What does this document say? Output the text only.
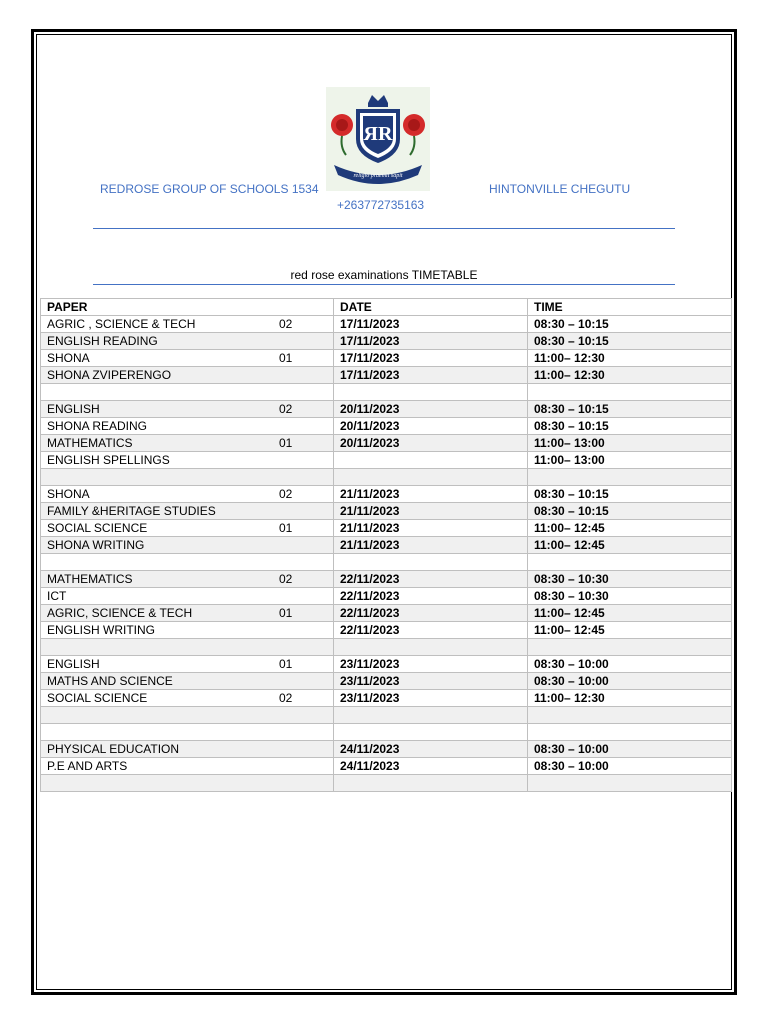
ЯR
religio praemit sapit
REDROSE GROUP OF SCHOOLS 1534	HINTONVILLE CHEGUTU
+263772735163
red rose examinations TIMETABLE
PAPER	DATE	TIME
AGRIC , SCIENCE & TECH 02	17/11/2023	08:30 – 10:15
ENGLISH READING	17/11/2023	08:30 – 10:15
SHONA 01	17/11/2023	11:00– 12:30
SHONA ZVIPERENGO	17/11/2023	11:00– 12:30

ENGLISH 02	20/11/2023	08:30 – 10:15
SHONA READING	20/11/2023	08:30 – 10:15
MATHEMATICS 01	20/11/2023	11:00– 13:00
ENGLISH SPELLINGS		11:00– 13:00

SHONA 02	21/11/2023	08:30 – 10:15
FAMILY &HERITAGE STUDIES	21/11/2023	08:30 – 10:15
SOCIAL SCIENCE 01	21/11/2023	11:00– 12:45
SHONA WRITING	21/11/2023	11:00– 12:45

MATHEMATICS 02	22/11/2023	08:30 – 10:30
ICT	22/11/2023	08:30 – 10:30
AGRIC, SCIENCE & TECH 01	22/11/2023	11:00– 12:45
ENGLISH WRITING	22/11/2023	11:00– 12:45

ENGLISH 01	23/11/2023	08:30 – 10:00
MATHS AND SCIENCE	23/11/2023	08:30 – 10:00
SOCIAL SCIENCE 02	23/11/2023	11:00– 12:30

PHYSICAL EDUCATION	24/11/2023	08:30 – 10:00
P.E AND ARTS	24/11/2023	08:30 – 10:00
